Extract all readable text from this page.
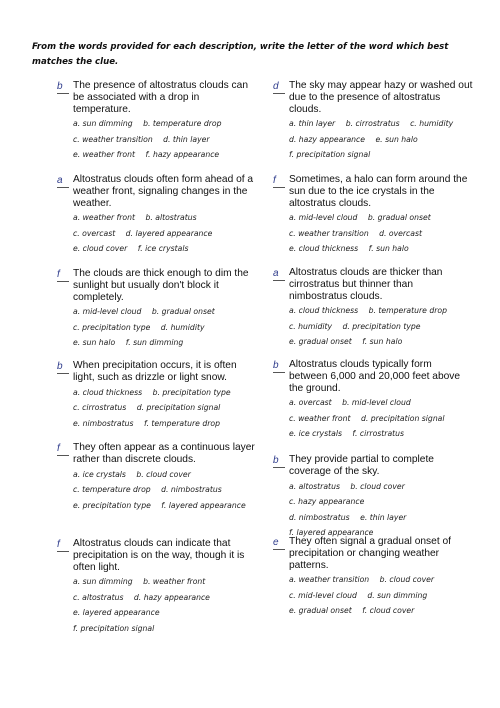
From the words provided for each description, write the letter of the word which best matches the clue.
b	The presence of altostratus clouds can be associated with a drop in temperature.
a. sun dimming b. temperature drop
c. weather transition d. thin layer
e. weather front f. hazy appearance
a	Altostratus clouds often form ahead of a weather front, signaling changes in the weather.
a. weather front b. altostratus
c. overcast d. layered appearance
e. cloud cover f. ice crystals
f	The clouds are thick enough to dim the sunlight but usually don't block it completely.
a. mid-level cloud b. gradual onset
c. precipitation type d. humidity e. sun halo f. sun dimming
b	When precipitation occurs, it is often light, such as drizzle or light snow.
a. cloud thickness b. precipitation type
c. cirrostratus d. precipitation signal
e. nimbostratus f. temperature drop
f	They often appear as a continuous layer rather than discrete clouds.
a. ice crystals b. cloud cover
c. temperature drop d. nimbostratus
e. precipitation type f. layered appearance
f	Altostratus clouds can indicate that precipitation is on the way, though it is often light.
a. sun dimming b. weather front
c. altostratus d. hazy appearance
e. layered appearance f. precipitation signal
d	The sky may appear hazy or washed out due to the presence of altostratus clouds.
a. thin layer b. cirrostratus c. humidity
d. hazy appearance e. sun halo
f. precipitation signal
f	Sometimes, a halo can form around the sun due to the ice crystals in the altostratus clouds.
a. mid-level cloud b. gradual onset
c. weather transition d. overcast
e. cloud thickness f. sun halo
a	Altostratus clouds are thicker than cirrostratus but thinner than nimbostratus clouds.
a. cloud thickness b. temperature drop
c. humidity d. precipitation type
e. gradual onset f. sun halo
b	Altostratus clouds typically form between 6,000 and 20,000 feet above the ground.
a. overcast b. mid-level cloud
c. weather front d. precipitation signal
e. ice crystals f. cirrostratus
b	They provide partial to complete coverage of the sky.
a. altostratus b. cloud cover c. hazy appearance
d. nimbostratus e. thin layer
f. layered appearance
e	They often signal a gradual onset of precipitation or changing weather patterns.
a. weather transition b. cloud cover
c. mid-level cloud d. sun dimming
e. gradual onset f. cloud cover
